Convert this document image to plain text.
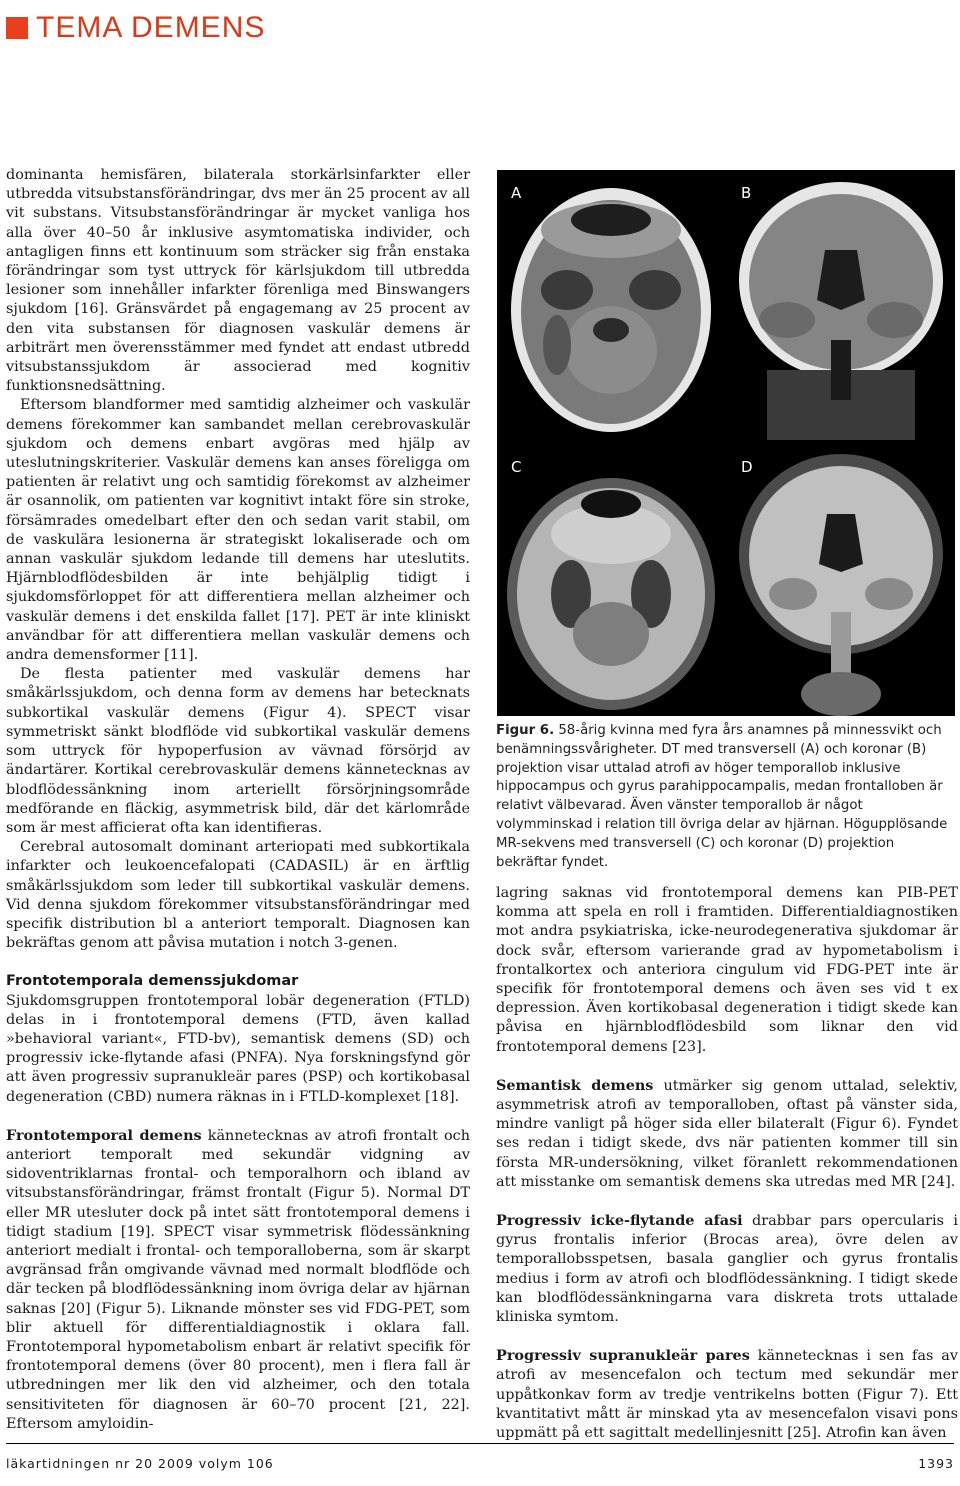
TEMA DEMENS

dominanta hemisfären, bilaterala storkärlsinfarkter eller utbredda vitsubstansförändringar, dvs mer än 25 procent av all vit substans. Vitsubstansförändringar är mycket vanliga hos alla över 40–50 år inklusive asymtomatiska individer, och antagligen finns ett kontinuum som sträcker sig från enstaka förändringar som tyst uttryck för kärlsjukdom till utbredda lesioner som innehåller infarkter förenliga med Binswangers sjukdom [16]. Gränsvärdet på engagemang av 25 procent av den vita substansen för diagnosen vaskulär demens är arbiträrt men överensstämmer med fyndet att endast utbredd vitsubstanssjukdom är associerad med kognitiv funktionsnedsättning.

Eftersom blandformer med samtidig alzheimer och vaskulär demens förekommer kan sambandet mellan cerebrovaskulär sjukdom och demens enbart avgöras med hjälp av uteslutningskriterier. Vaskulär demens kan anses föreligga om patienten är relativt ung och samtidig förekomst av alzheimer är osannolik, om patienten var kognitivt intakt före sin stroke, försämrades omedelbart efter den och sedan varit stabil, om de vaskulära lesionerna är strategiskt lokaliserade och om annan vaskulär sjukdom ledande till demens har uteslutits. Hjärnblodflödesbilden är inte behjälplig tidigt i sjukdomsförloppet för att differentiera mellan alzheimer och vaskulär demens i det enskilda fallet [17]. PET är inte kliniskt användbar för att differentiera mellan vaskulär demens och andra demensformer [11].

De flesta patienter med vaskulär demens har småkärlssjukdom, och denna form av demens har betecknats subkortikal vaskulär demens (Figur 4). SPECT visar symmetriskt sänkt blodflöde vid subkortikal vaskulär demens som uttryck för hypoperfusion av vävnad försörjd av ändartärer. Kortikal cerebrovaskulär demens kännetecknas av blodflödessänkning inom arteriellt försörjningsområde medförande en fläckig, asymmetrisk bild, där det kärlområde som är mest afficierat ofta kan identifieras.

Cerebral autosomalt dominant arteriopati med subkortikala infarkter och leukoencefalopati (CADASIL) är en ärftlig småkärlssjukdom som leder till subkortikal vaskulär demens. Vid denna sjukdom förekommer vitsubstansförändringar med specifik distribution bl a anteriort temporalt. Diagnosen kan bekräftas genom att påvisa mutation i notch 3-genen.

Frontotemporala demenssjukdomar

Sjukdomsgruppen frontotemporal lobär degeneration (FTLD) delas in i frontotemporal demens (FTD, även kallad »behavioral variant«, FTD-bv), semantisk demens (SD) och progressiv icke-flytande afasi (PNFA). Nya forskningsfynd gör att även progressiv supranukleär pares (PSP) och kortikobasal degeneration (CBD) numera räknas in i FTLD-komplexet [18].

Frontotemporal demens kännetecknas av atrofi frontalt och anteriort temporalt med sekundär vidgning av sidoventriklarnas frontal- och temporalhorn och ibland av vitsubstansförändringar, främst frontalt (Figur 5). Normal DT eller MR utesluter dock på intet sätt frontotemporal demens i tidigt stadium [19]. SPECT visar symmetrisk flödessänkning anteriort medialt i frontal- och temporalloberna, som är skarpt avgränsad från omgivande vävnad med normalt blodflöde och där tecken på blodflödessänkning inom övriga delar av hjärnan saknas [20] (Figur 5). Liknande mönster ses vid FDG-PET, som blir aktuell för differentialdiagnostik i oklara fall. Frontotemporal hypometabolism enbart är relativt specifik för frontotemporal demens (över 80 procent), men i flera fall är utbredningen mer lik den vid alzheimer, och den totala sensitiviteten för diagnosen är 60–70 procent [21, 22]. Eftersom amyloidin-

A	B
C	D
Figur 6. 58-årig kvinna med fyra års anamnes på minnessvikt och benämningssvårigheter. DT med transversell (A) och koronar (B) projektion visar uttalad atrofi av höger temporallob inklusive hippocampus och gyrus parahippocampalis, medan frontalloben är relativt välbevarad. Även vänster temporallob är något volymminskad i relation till övriga delar av hjärnan. Högupplösande MR-sekvens med transversell (C) och koronar (D) projektion bekräftar fyndet.

lagring saknas vid frontotemporal demens kan PIB-PET komma att spela en roll i framtiden. Differentialdiagnostiken mot andra psykiatriska, icke-neurodegenerativa sjukdomar är dock svår, eftersom varierande grad av hypometabolism i frontalkortex och anteriora cingulum vid FDG-PET inte är specifik för frontotemporal demens och även ses vid t ex depression. Även kortikobasal degeneration i tidigt skede kan påvisa en hjärnblodflödesbild som liknar den vid frontotemporal demens [23].

Semantisk demens utmärker sig genom uttalad, selektiv, asymmetrisk atrofi av temporalloben, oftast på vänster sida, mindre vanligt på höger sida eller bilateralt (Figur 6). Fyndet ses redan i tidigt skede, dvs när patienten kommer till sin första MR-undersökning, vilket föranlett rekommendationen att misstanke om semantisk demens ska utredas med MR [24].

Progressiv icke-flytande afasi drabbar pars opercularis i gyrus frontalis inferior (Brocas area), övre delen av temporallobsspetsen, basala ganglier och gyrus frontalis medius i form av atrofi och blodflödessänkning. I tidigt skede kan blodflödessänkningarna vara diskreta trots uttalade kliniska symtom.

Progressiv supranukleär pares kännetecknas i sen fas av atrofi av mesencefalon och tectum med sekundär mer uppåtkonkav form av tredje ventrikelns botten (Figur 7). Ett kvantitativt mått är minskad yta av mesencefalon visavi pons uppmätt på ett sagittalt medellinjesnitt [25]. Atrofin kan även

läkartidningen nr 20 2009 volym 106	1393
